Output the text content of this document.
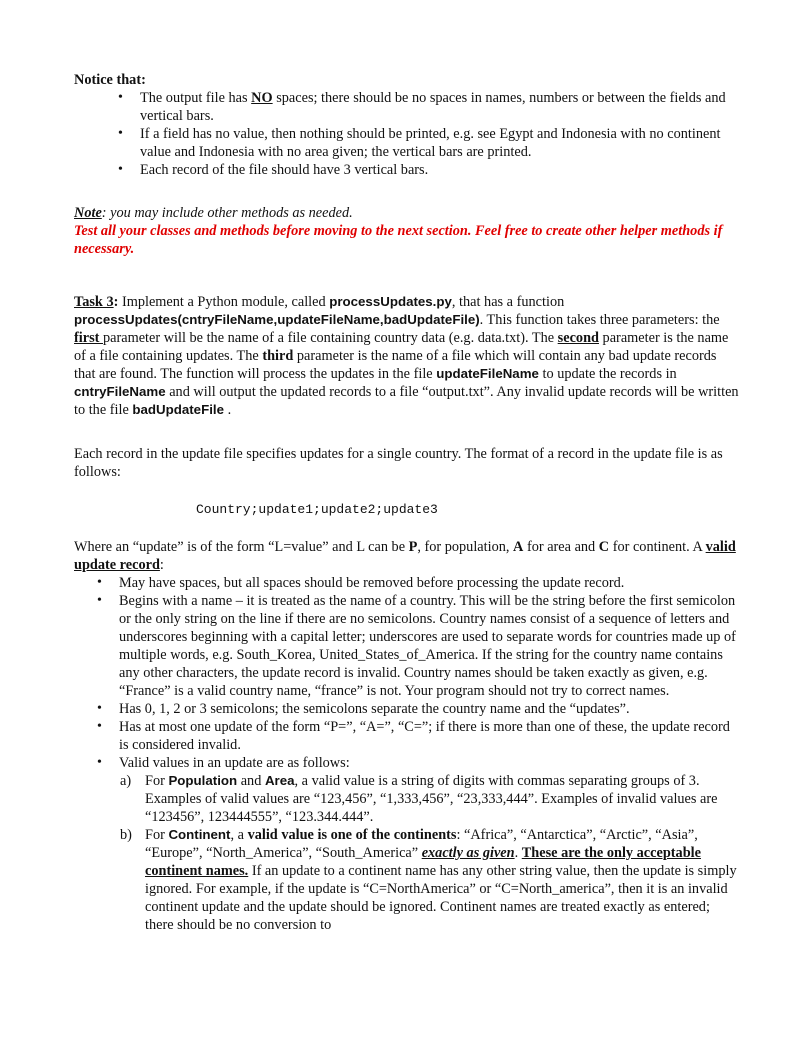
Notice that:

• The output file has NO spaces; there should be no spaces in names, numbers or between the fields and vertical bars.
• If a field has no value, then nothing should be printed, e.g. see Egypt and Indonesia with no continent value and Indonesia with no area given; the vertical bars are printed.
• Each record of the file should have 3 vertical bars.

Note: you may include other methods as needed.

Test all your classes and methods before moving to the next section. Feel free to create other helper methods if necessary.

Task 3: Implement a Python module, called processUpdates.py, that has a function processUpdates(cntryFileName,updateFileName,badUpdateFile). This function takes three parameters: the first parameter will be the name of a file containing country data (e.g. data.txt). The second parameter is the name of a file containing updates. The third parameter is the name of a file which will contain any bad update records that are found. The function will process the updates in the file updateFileName to update the records in cntryFileName and will output the updated records to a file “output.txt”. Any invalid update records will be written to the file badUpdateFile .

Each record in the update file specifies updates for a single country. The format of a record in the update file is as follows:

Country;update1;update2;update3

Where an “update” is of the form “L=value” and L can be P, for population, A for area and C for continent. A valid update record:

• May have spaces, but all spaces should be removed before processing the update record.
• Begins with a name – it is treated as the name of a country. This will be the string before the first semicolon or the only string on the line if there are no semicolons. Country names consist of a sequence of letters and underscores beginning with a capital letter; underscores are used to separate words for countries made up of multiple words, e.g. South_Korea, United_States_of_America. If the string for the country name contains any other characters, the update record is invalid. Country names should be taken exactly as given, e.g. “France” is a valid country name, “france” is not. Your program should not try to correct names.
• Has 0, 1, 2 or 3 semicolons; the semicolons separate the country name and the “updates”.
• Has at most one update of the form “P=”, “A=”, “C=”; if there is more than one of these, the update record is considered invalid.
• Valid values in an update are as follows:
a) For Population and Area, a valid value is a string of digits with commas separating groups of 3. Examples of valid values are “123,456”, “1,333,456”, “23,333,444”. Examples of invalid values are “123456”, 123444555”, “123.344.444”.
b) For Continent, a valid value is one of the continents: “Africa”, “Antarctica”, “Arctic”, “Asia”, “Europe”, “North_America”, “South_America” exactly as given. These are the only acceptable continent names. If an update to a continent name has any other string value, then the update is simply ignored. For example, if the update is “C=NorthAmerica” or “C=North_america”, then it is an invalid continent update and the update should be ignored. Continent names are treated exactly as entered; there should be no conversion to
